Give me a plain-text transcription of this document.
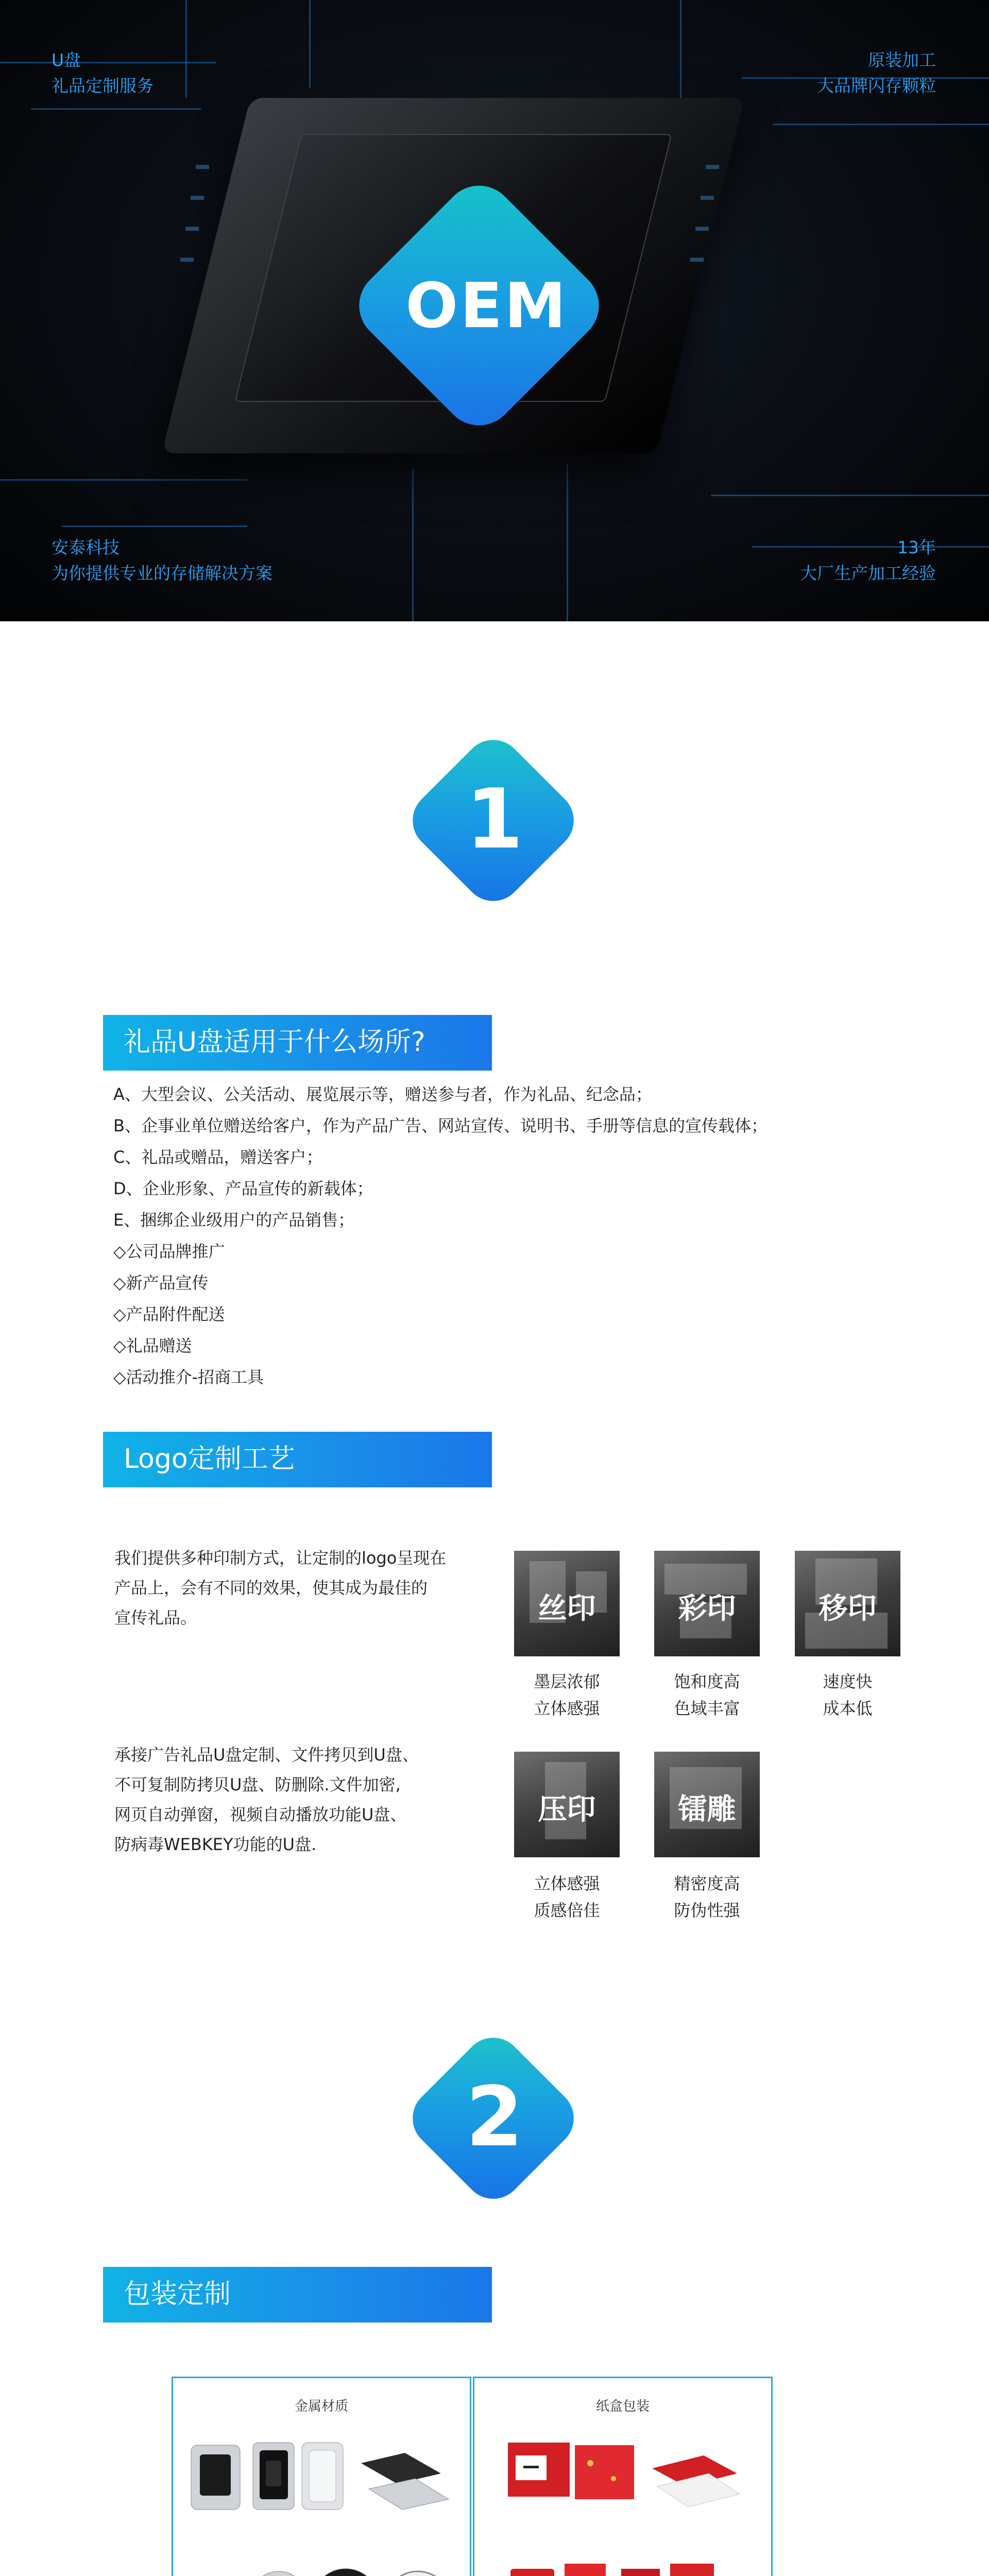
OEM
U盘
礼品定制服务
原装加工
大品牌闪存颗粒
安泰科技
为你提供专业的存储解决方案
13年
大厂生产加工经验
1
礼品U盘适用于什么场所?
A、大型会议、公关活动、展览展示等，赠送参与者，作为礼品、纪念品；
B、企事业单位赠送给客户，作为产品广告、网站宣传、说明书、手册等信息的宣传载体；
C、礼品或赠品，赠送客户；
D、企业形象、产品宣传的新载体；
E、捆绑企业级用户的产品销售；
◇公司品牌推广
◇新产品宣传
◇产品附件配送
◇礼品赠送
◇活动推介-招商工具
Logo定制工艺
我们提供多种印制方式，让定制的logo呈现在
产品上，会有不同的效果，使其成为最佳的
宣传礼品。
承接广告礼品U盘定制、文件拷贝到U盘、
不可复制防拷贝U盘、防删除.文件加密,
网页自动弹窗，视频自动播放功能U盘、
防病毒WEBKEY功能的U盘.
丝印	彩印	移印
墨层浓郁
立体感强
饱和度高
色域丰富
速度快
成本低
压印	镭雕
立体感强
质感倍佳
精密度高
防伪性强
2
包装定制
金属材质	纸盒包装
